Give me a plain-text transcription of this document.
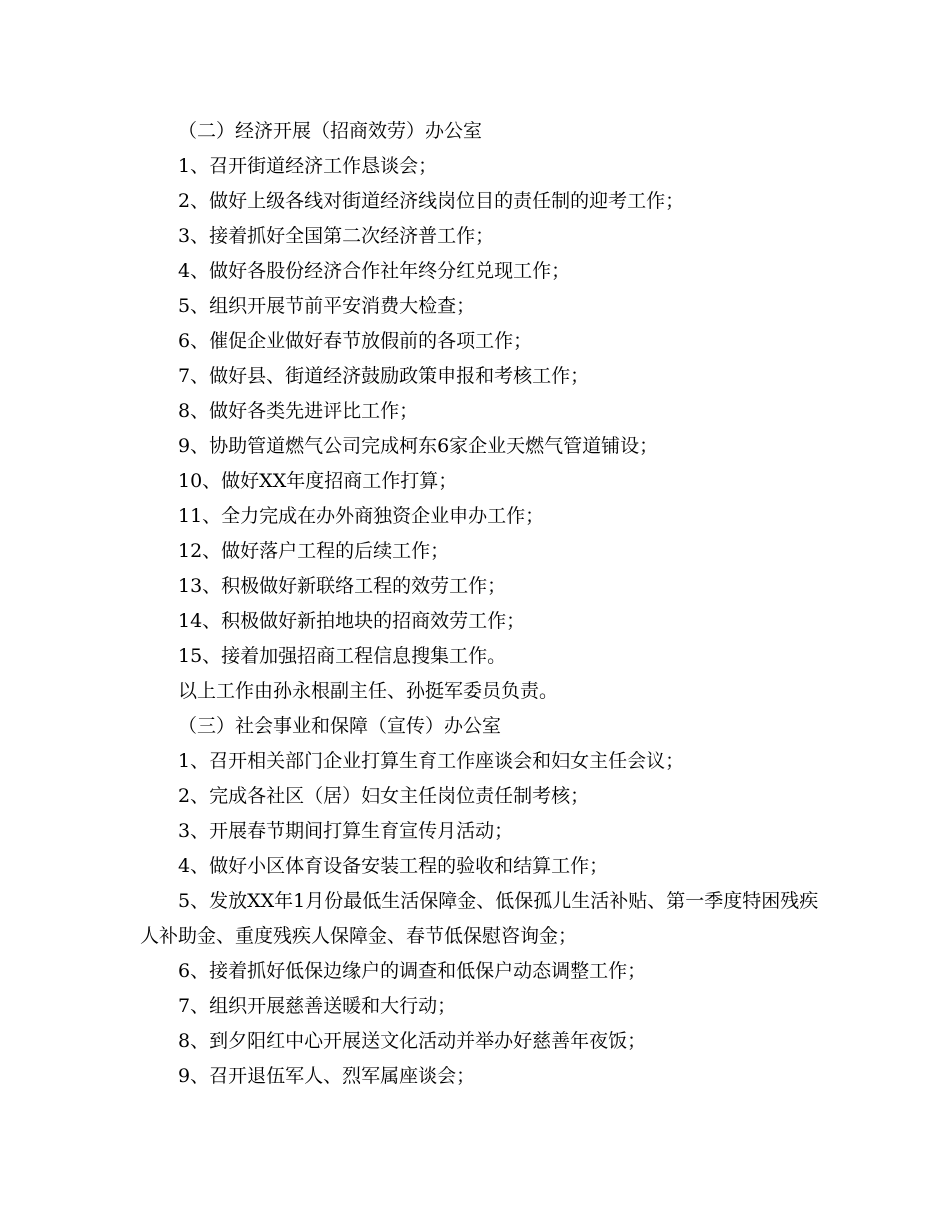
（二）经济开展（招商效劳）办公室

1、召开街道经济工作恳谈会；

2、做好上级各线对街道经济线岗位目的责任制的迎考工作；

3、接着抓好全国第二次经济普工作；

4、做好各股份经济合作社年终分红兑现工作；

5、组织开展节前平安消费大检查；

6、催促企业做好春节放假前的各项工作；

7、做好县、街道经济鼓励政策申报和考核工作；

8、做好各类先进评比工作；

9、协助管道燃气公司完成柯东6家企业天燃气管道铺设；

10、做好XX年度招商工作打算；

11、全力完成在办外商独资企业申办工作；

12、做好落户工程的后续工作；

13、积极做好新联络工程的效劳工作；

14、积极做好新拍地块的招商效劳工作；

15、接着加强招商工程信息搜集工作。

以上工作由孙永根副主任、孙挺军委员负责。

（三）社会事业和保障（宣传）办公室

1、召开相关部门企业打算生育工作座谈会和妇女主任会议；

2、完成各社区（居）妇女主任岗位责任制考核；

3、开展春节期间打算生育宣传月活动；

4、做好小区体育设备安装工程的验收和结算工作；

5、发放XX年1月份最低生活保障金、低保孤儿生活补贴、第一季度特困残疾人补助金、重度残疾人保障金、春节低保慰咨询金；

6、接着抓好低保边缘户的调查和低保户动态调整工作；

7、组织开展慈善送暖和大行动；

8、到夕阳红中心开展送文化活动并举办好慈善年夜饭；

9、召开退伍军人、烈军属座谈会；
